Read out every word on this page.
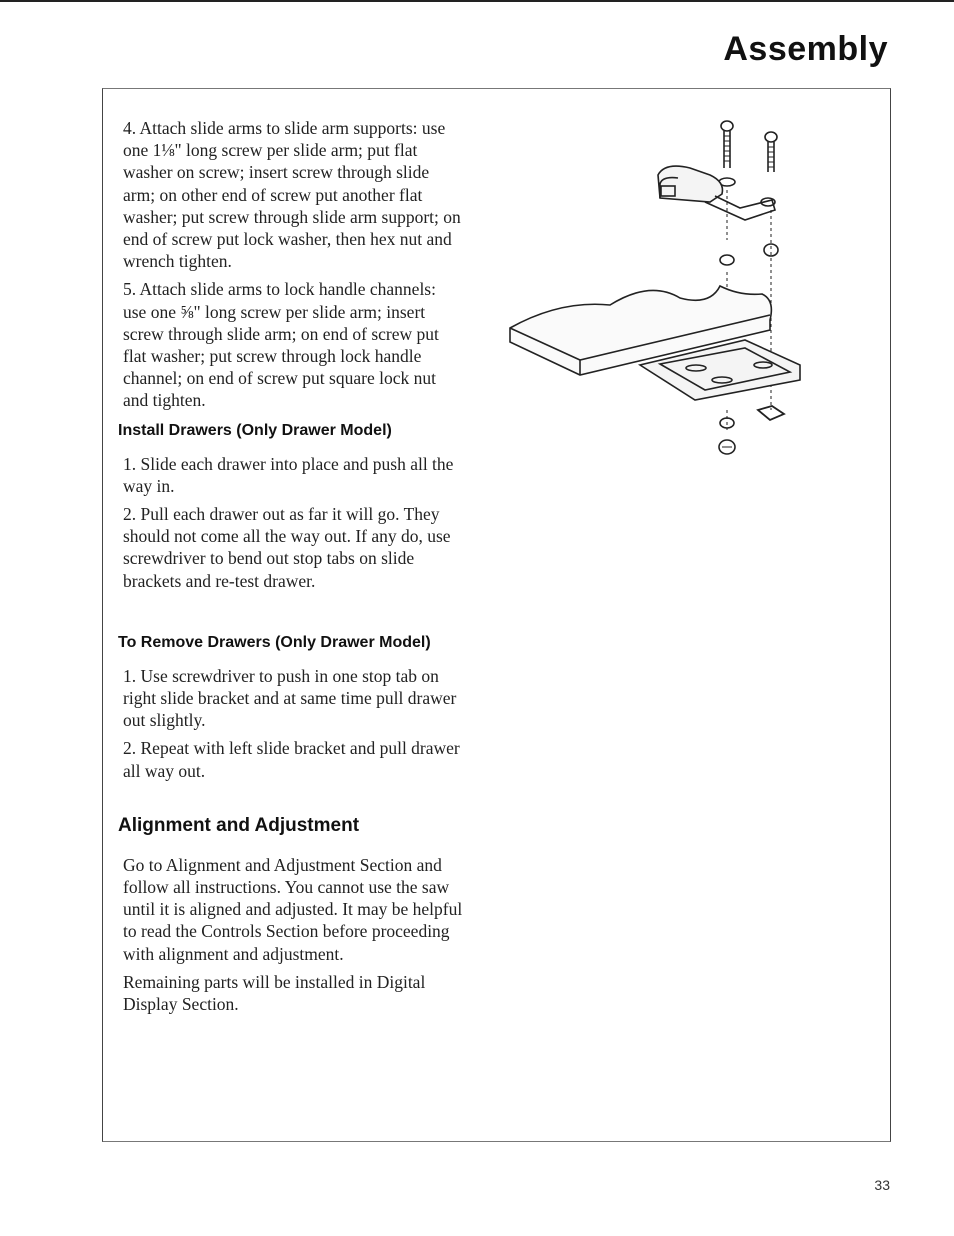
Assembly

4. Attach slide arms to slide arm supports: use one 1⅛" long screw per slide arm; put flat washer on screw; insert screw through slide arm; on other end of screw put another flat washer; put screw through slide arm support; on end of screw put lock washer, then hex nut and wrench tighten.

5. Attach slide arms to lock handle channels: use one ⅝" long screw per slide arm; insert screw through slide arm; on end of screw put flat washer; put screw through lock handle channel; on end of screw put square lock nut and tighten.

Install Drawers (Only Drawer Model)

1. Slide each drawer into place and push all the way in.

2. Pull each drawer out as far it will go. They should not come all the way out. If any do, use screwdriver to bend out stop tabs on slide brackets and re-test drawer.

To Remove Drawers (Only Drawer Model)

1. Use screwdriver to push in one stop tab on right slide bracket and at same time pull drawer out slightly.

2. Repeat with left slide bracket and pull drawer all way out.

Alignment and Adjustment

Go to Alignment and Adjustment Section and follow all instructions. You cannot use the saw until it is aligned and adjusted. It may be helpful to read the Controls Section before proceeding with alignment and adjustment.

Remaining parts will be installed in Digital Display Section.

33
